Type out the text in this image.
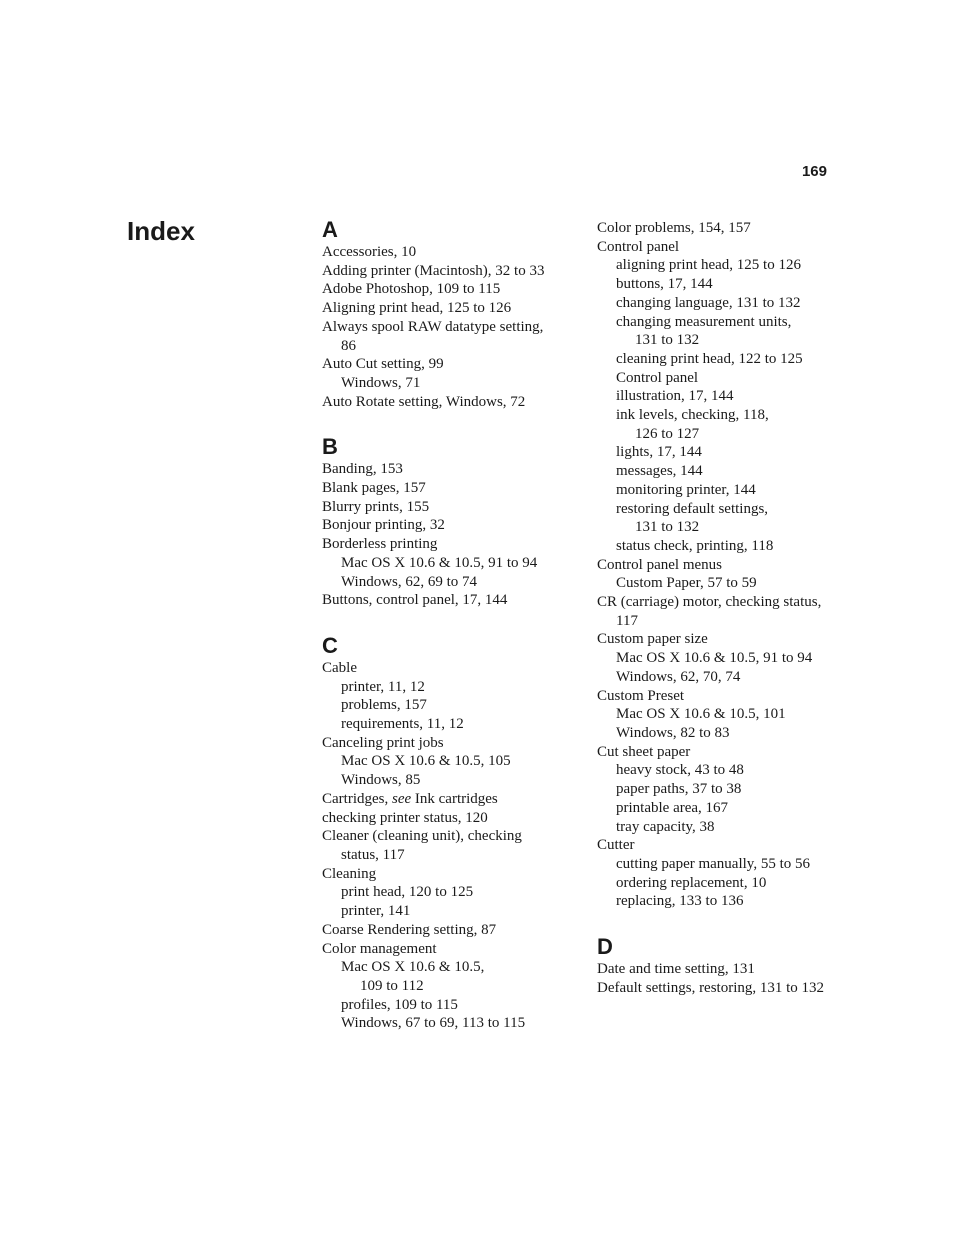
169
Index	A
Accessories, 10
Adding printer (Macintosh), 32 to 33
Adobe Photoshop, 109 to 115
Aligning print head, 125 to 126
Always spool RAW datatype setting,
86
Auto Cut setting, 99
Windows, 71
Auto Rotate setting, Windows, 72
B
Banding, 153
Blank pages, 157
Blurry prints, 155
Bonjour printing, 32
Borderless printing
Mac OS X 10.6 & 10.5, 91 to 94
Windows, 62, 69 to 74
Buttons, control panel, 17, 144
C
Cable
printer, 11, 12
problems, 157
requirements, 11, 12
Canceling print jobs
Mac OS X 10.6 & 10.5, 105
Windows, 85
Cartridges, see Ink cartridges
checking printer status, 120
Cleaner (cleaning unit), checking
status, 117
Cleaning
print head, 120 to 125
printer, 141
Coarse Rendering setting, 87
Color management
Mac OS X 10.6 & 10.5,
109 to 112
profiles, 109 to 115
Windows, 67 to 69, 113 to 115
Color problems, 154, 157
Control panel
aligning print head, 125 to 126
buttons, 17, 144
changing language, 131 to 132
changing measurement units,
131 to 132
cleaning print head, 122 to 125
Control panel
illustration, 17, 144
ink levels, checking, 118,
126 to 127
lights, 17, 144
messages, 144
monitoring printer, 144
restoring default settings,
131 to 132
status check, printing, 118
Control panel menus
Custom Paper, 57 to 59
CR (carriage) motor, checking status,
117
Custom paper size
Mac OS X 10.6 & 10.5, 91 to 94
Windows, 62, 70, 74
Custom Preset
Mac OS X 10.6 & 10.5, 101
Windows, 82 to 83
Cut sheet paper
heavy stock, 43 to 48
paper paths, 37 to 38
printable area, 167
tray capacity, 38
Cutter
cutting paper manually, 55 to 56
ordering replacement, 10
replacing, 133 to 136
D
Date and time setting, 131
Default settings, restoring, 131 to 132
